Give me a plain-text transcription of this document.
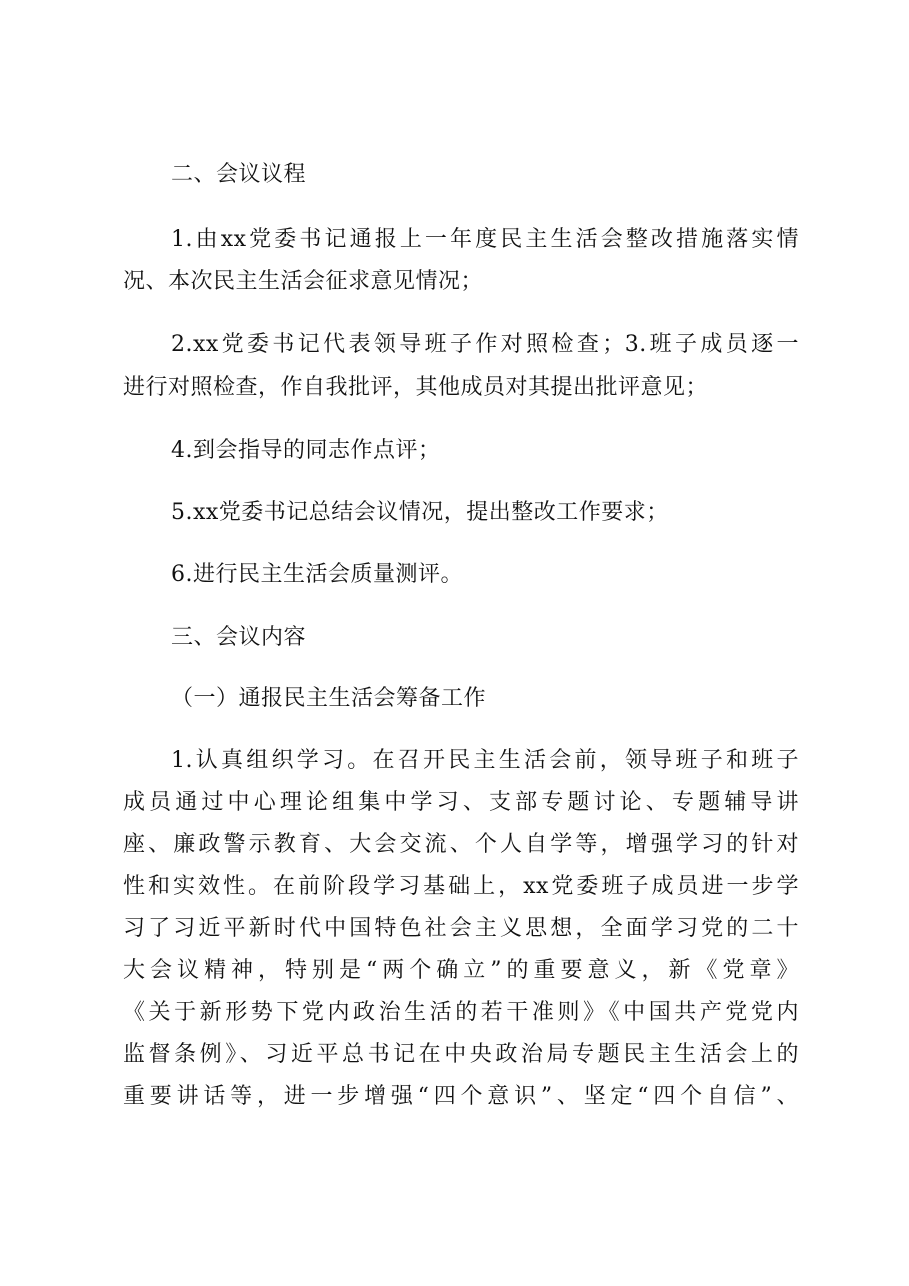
二、会议议程
1.由xx党委书记通报上一年度民主生活会整改措施落实情
况、本次民主生活会征求意见情况；
2.xx党委书记代表领导班子作对照检查；3.班子成员逐一
进行对照检查，作自我批评，其他成员对其提出批评意见；
4.到会指导的同志作点评；
5.xx党委书记总结会议情况，提出整改工作要求；
6.进行民主生活会质量测评。
三、会议内容
（一）通报民主生活会筹备工作
1.认真组织学习。在召开民主生活会前，领导班子和班子
成员通过中心理论组集中学习、支部专题讨论、专题辅导讲
座、廉政警示教育、大会交流、个人自学等，增强学习的针对
性和实效性。在前阶段学习基础上，xx党委班子成员进一步学
习了习近平新时代中国特色社会主义思想，全面学习党的二十
大会议精神，特别是“两个确立”的重要意义，新《党章》
《关于新形势下党内政治生活的若干准则》《中国共产党党内
监督条例》、习近平总书记在中央政治局专题民主生活会上的
重要讲话等，进一步增强“四个意识”、坚定“四个自信”、
